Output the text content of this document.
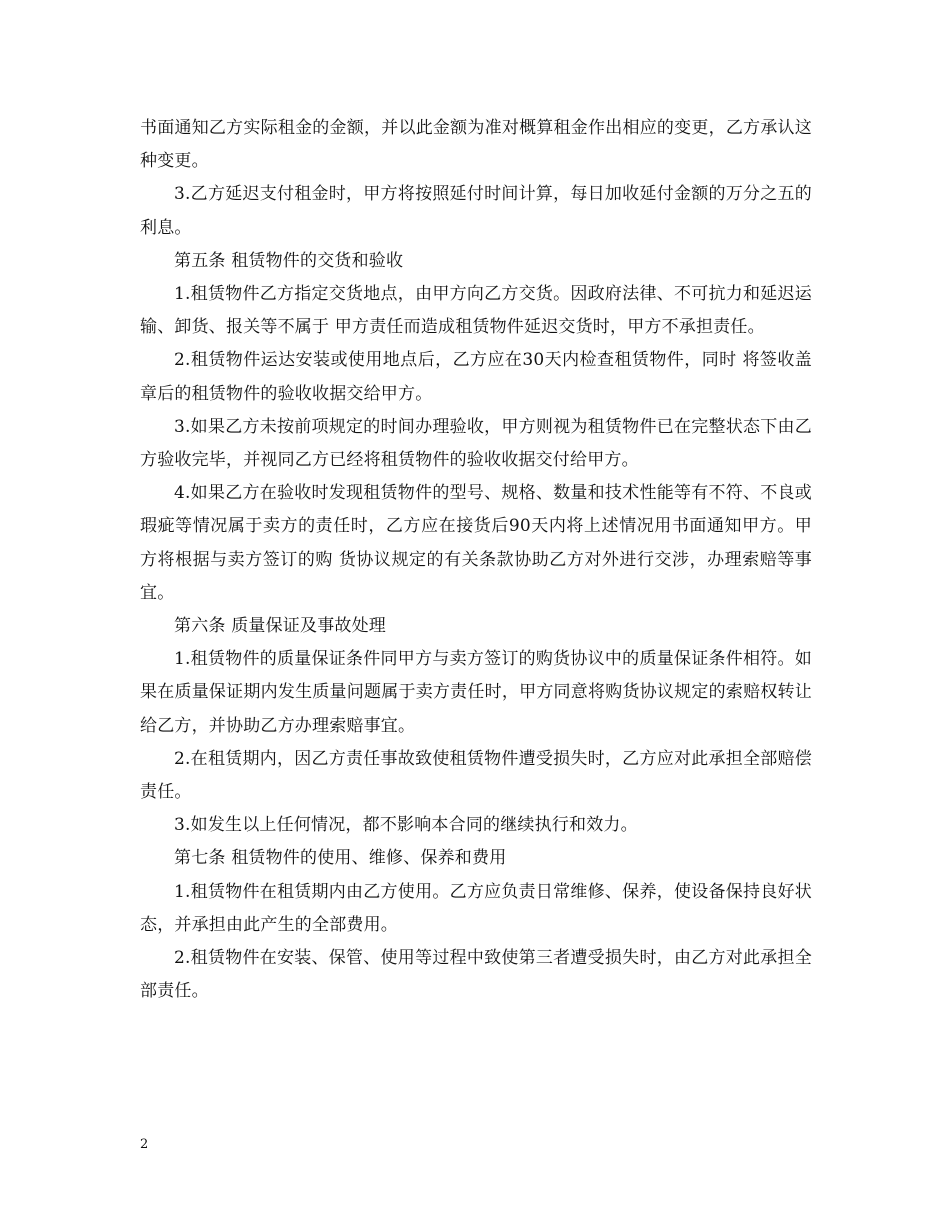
书面通知乙方实际租金的金额，并以此金额为准对概算租金作出相应的变更，乙方承认这种变更。

3.乙方延迟支付租金时，甲方将按照延付时间计算，每日加收延付金额的万分之五的利息。

第五条 租赁物件的交货和验收

1.租赁物件乙方指定交货地点，由甲方向乙方交货。因政府法律、不可抗力和延迟运输、卸货、报关等不属于 甲方责任而造成租赁物件延迟交货时，甲方不承担责任。

2.租赁物件运达安装或使用地点后，乙方应在30天内检查租赁物件，同时 将签收盖章后的租赁物件的验收收据交给甲方。

3.如果乙方未按前项规定的时间办理验收，甲方则视为租赁物件已在完整状态下由乙方验收完毕，并视同乙方已经将租赁物件的验收收据交付给甲方。

4.如果乙方在验收时发现租赁物件的型号、规格、数量和技术性能等有不符、不良或瑕疵等情况属于卖方的责任时，乙方应在接货后90天内将上述情况用书面通知甲方。甲方将根据与卖方签订的购 货协议规定的有关条款协助乙方对外进行交涉，办理索赔等事宜。

第六条 质量保证及事故处理

1.租赁物件的质量保证条件同甲方与卖方签订的购货协议中的质量保证条件相符。如果在质量保证期内发生质量问题属于卖方责任时，甲方同意将购货协议规定的索赔权转让给乙方，并协助乙方办理索赔事宜。

2.在租赁期内，因乙方责任事故致使租赁物件遭受损失时，乙方应对此承担全部赔偿责任。

3.如发生以上任何情况，都不影响本合同的继续执行和效力。

第七条 租赁物件的使用、维修、保养和费用

1.租赁物件在租赁期内由乙方使用。乙方应负责日常维修、保养，使设备保持良好状态，并承担由此产生的全部费用。

2.租赁物件在安装、保管、使用等过程中致使第三者遭受损失时，由乙方对此承担全部责任。

2
